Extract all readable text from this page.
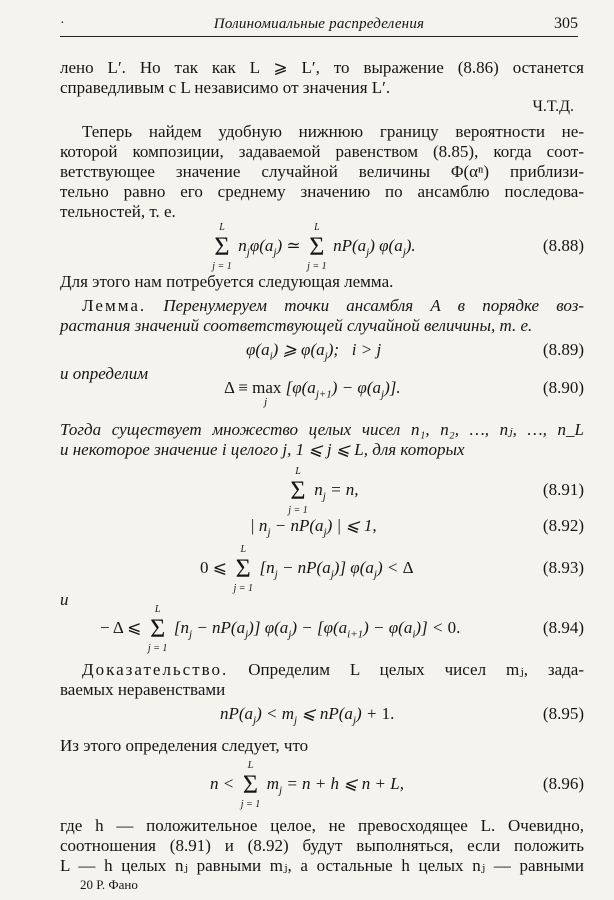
·	Полиномиальные распределения	305
лено L′. Но так как L ⩾ L′, то выражение (8.86) останется
справедливым с L независимо от значения L′.
Ч.Т.Д.
Теперь найдем удобную нижнюю границу вероятности не-
которой композиции, задаваемой равенством (8.85), когда соот-
ветствующее значение случайной величины Φ(αⁿ) приблизи-
тельно равно его среднему значению по ансамблю последова-
тельностей, т. е.
L
Σ
j = 1
$n_j\varphi(a_j)$ ≃
L
Σ
j = 1
$nP(a_j)$ $\varphi(a_j)$.	(8.88)
Для этого нам потребуется следующая лемма.
Лемма. Перенумеруем точки ансамбля A в порядке воз-
растания значений соответствующей случайной величины, т. е.
$\varphi(a_i)$ ⩾ $\varphi(a_j)$;   i > j	(8.89)
и определим
Δ ≡ max
j
$[\varphi(a_{j+1}) - \varphi(a_j)]$.	(8.90)
Тогда существует множество целых чисел n₁, n₂, …, nⱼ, …, n_L
и некоторое значение i целого j, 1 ⩽ j ⩽ L, для которых
L
Σ
j = 1
$n_j = n$,	(8.91)
| $n_j - nP(a_j)$ | ⩽ 1,	(8.92)
0 ⩽
L
Σ
j = 1
$[n_j - nP(a_j)] \varphi(a_j) < \Delta$	(8.93)
и
− Δ ⩽
L
Σ
j = 1
$[n_j - nP(a_j)] \varphi(a_j) - [\varphi(a_{i+1}) - \varphi(a_i)] < 0$.	(8.94)
Доказательство. Определим L целых чисел mⱼ, зада-
ваемых неравенствами
$nP(a_j) < m_j$ ⩽ $nP(a_j) + 1$.	(8.95)
Из этого определения следует, что
n <
L
Σ
j = 1
$m_j = n + h$ ⩽ n + L,	(8.96)
где h — положительное целое, не превосходящее L. Очевидно,
соотношения (8.91) и (8.92) будут выполняться, если положить
L — h целых nⱼ равными mⱼ, а остальные h целых nⱼ — равными
20 Р. Фано
